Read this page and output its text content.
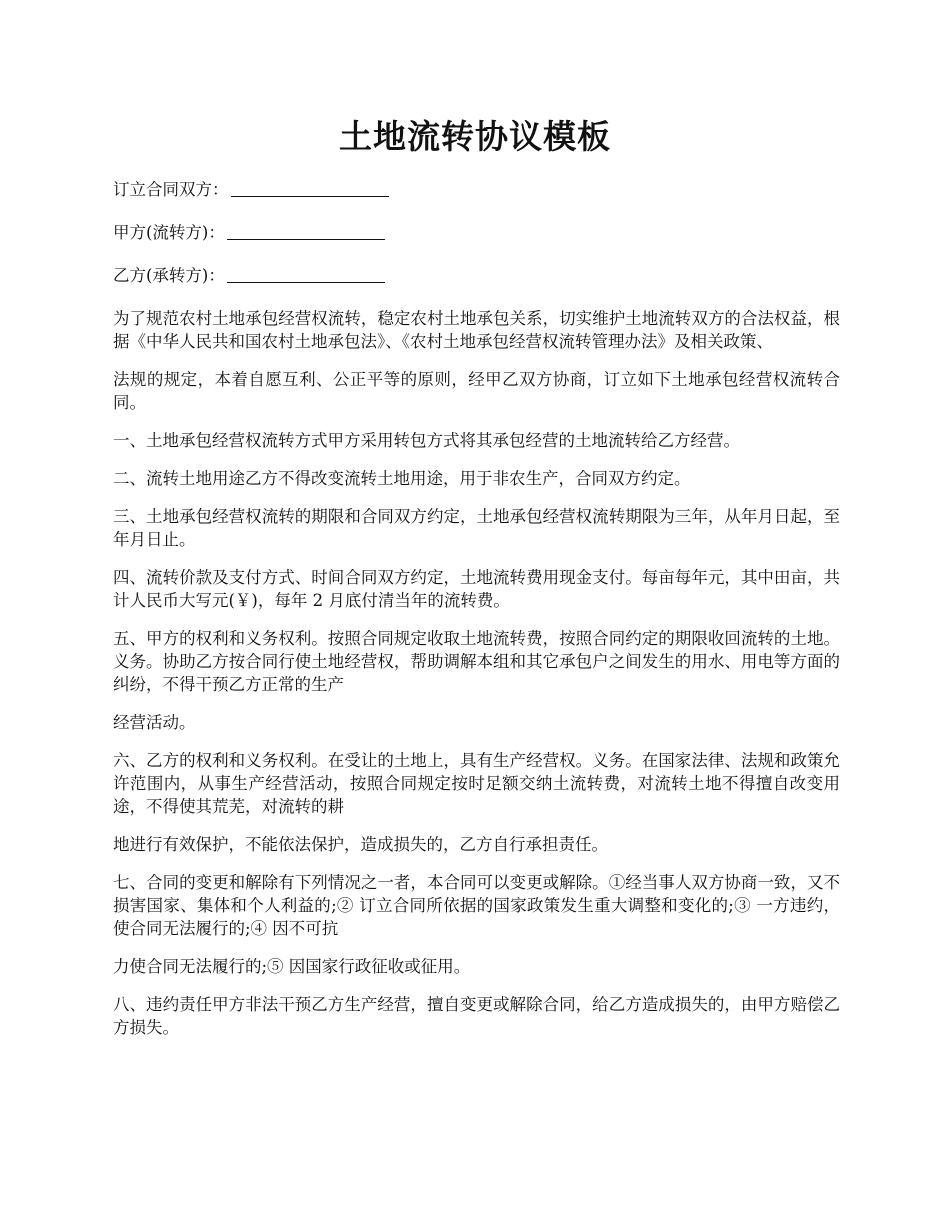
土地流转协议模板

订立合同双方：

甲方(流转方)：

乙方(承转方)：

为了规范农村土地承包经营权流转，稳定农村土地承包关系，切实维护土地流转双方的合法权益，根据《中华人民共和国农村土地承包法》、《农村土地承包经营权流转管理办法》及相关政策、

法规的规定，本着自愿互利、公正平等的原则，经甲乙双方协商，订立如下土地承包经营权流转合同。

一、土地承包经营权流转方式甲方采用转包方式将其承包经营的土地流转给乙方经营。

二、流转土地用途乙方不得改变流转土地用途，用于非农生产，合同双方约定。

三、土地承包经营权流转的期限和合同双方约定，土地承包经营权流转期限为三年，从年月日起，至年月日止。

四、流转价款及支付方式、时间合同双方约定，土地流转费用现金支付。每亩每年元，其中田亩，共计人民币大写元(￥)，每年 2 月底付清当年的流转费。

五、甲方的权利和义务权利。按照合同规定收取土地流转费，按照合同约定的期限收回流转的土地。义务。协助乙方按合同行使土地经营权，帮助调解本组和其它承包户之间发生的用水、用电等方面的纠纷，不得干预乙方正常的生产

经营活动。

六、乙方的权利和义务权利。在受让的土地上，具有生产经营权。义务。在国家法律、法规和政策允许范围内，从事生产经营活动，按照合同规定按时足额交纳土流转费，对流转土地不得擅自改变用途，不得使其荒芜，对流转的耕

地进行有效保护，不能依法保护，造成损失的，乙方自行承担责任。

七、合同的变更和解除有下列情况之一者，本合同可以变更或解除。①经当事人双方协商一致，又不损害国家、集体和个人利益的;② 订立合同所依据的国家政策发生重大调整和变化的;③ 一方违约，使合同无法履行的;④ 因不可抗

力使合同无法履行的;⑤ 因国家行政征收或征用。

八、违约责任甲方非法干预乙方生产经营，擅自变更或解除合同，给乙方造成损失的，由甲方赔偿乙方损失。
